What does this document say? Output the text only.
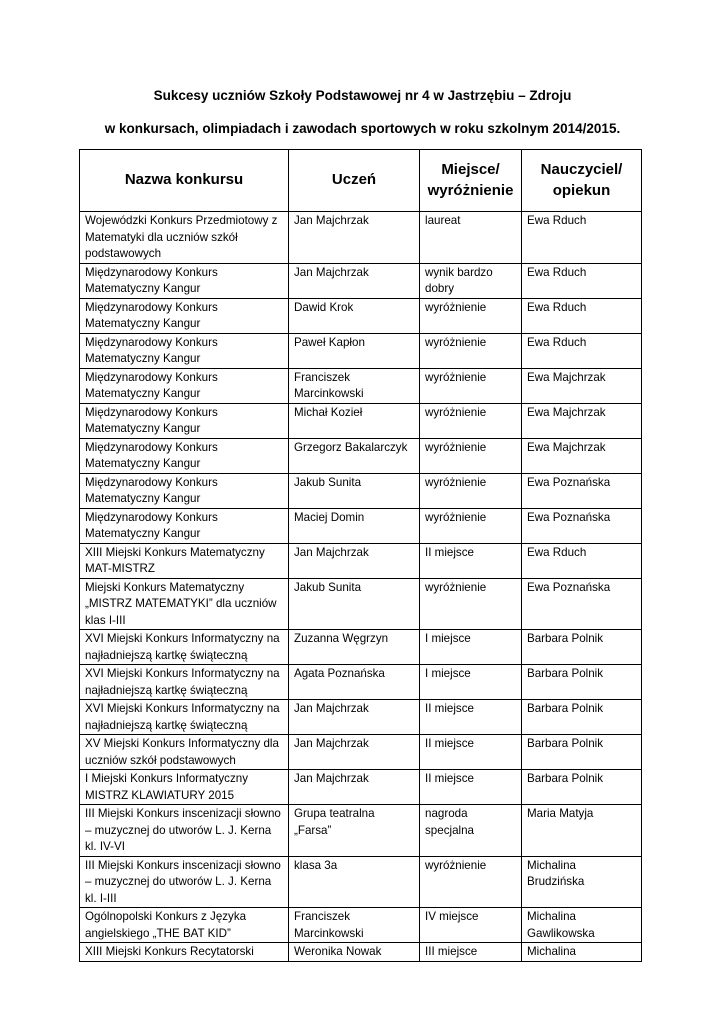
Sukcesy uczniów Szkoły Podstawowej nr 4 w Jastrzębiu – Zdroju
w konkursach, olimpiadach i zawodach sportowych w roku szkolnym 2014/2015.
Nazwa konkursu	Uczeń	Miejsce/ wyróżnienie	Nauczyciel/ opiekun
Wojewódzki Konkurs Przedmiotowy z Matematyki dla uczniów szkół podstawowych	Jan Majchrzak	laureat	Ewa Rduch
Międzynarodowy Konkurs Matematyczny Kangur	Jan Majchrzak	wynik bardzo dobry	Ewa Rduch
Międzynarodowy Konkurs Matematyczny Kangur	Dawid Krok	wyróżnienie	Ewa Rduch
Międzynarodowy Konkurs Matematyczny Kangur	Paweł Kapłon	wyróżnienie	Ewa Rduch
Międzynarodowy Konkurs Matematyczny Kangur	Franciszek Marcinkowski	wyróżnienie	Ewa Majchrzak
Międzynarodowy Konkurs Matematyczny Kangur	Michał Kozieł	wyróżnienie	Ewa Majchrzak
Międzynarodowy Konkurs Matematyczny Kangur	Grzegorz Bakalarczyk	wyróżnienie	Ewa Majchrzak
Międzynarodowy Konkurs Matematyczny Kangur	Jakub Sunita	wyróżnienie	Ewa Poznańska
Międzynarodowy Konkurs Matematyczny Kangur	Maciej Domin	wyróżnienie	Ewa Poznańska
XIII Miejski Konkurs Matematyczny MAT-MISTRZ	Jan Majchrzak	II miejsce	Ewa Rduch
Miejski Konkurs Matematyczny „MISTRZ MATEMATYKI” dla uczniów klas I-III	Jakub Sunita	wyróżnienie	Ewa Poznańska
XVI Miejski Konkurs Informatyczny na najładniejszą kartkę świąteczną	Zuzanna Węgrzyn	I miejsce	Barbara Polnik
XVI Miejski Konkurs Informatyczny na najładniejszą kartkę świąteczną	Agata Poznańska	I miejsce	Barbara Polnik
XVI Miejski Konkurs Informatyczny na najładniejszą kartkę świąteczną	Jan Majchrzak	II miejsce	Barbara Polnik
XV Miejski Konkurs Informatyczny dla uczniów szkół podstawowych	Jan Majchrzak	II miejsce	Barbara Polnik
I Miejski Konkurs Informatyczny MISTRZ KLAWIATURY 2015	Jan Majchrzak	II miejsce	Barbara Polnik
III Miejski Konkurs inscenizacji słowno – muzycznej do utworów L. J. Kerna kl. IV-VI	Grupa teatralna „Farsa”	nagroda specjalna	Maria Matyja
III Miejski Konkurs inscenizacji słowno – muzycznej do utworów L. J. Kerna kl. I-III	klasa 3a	wyróżnienie	Michalina Brudzińska
Ogólnopolski Konkurs z Języka angielskiego „THE BAT KID”	Franciszek Marcinkowski	IV miejsce	Michalina Gawlikowska
XIII Miejski Konkurs Recytatorski	Weronika Nowak	III miejsce	Michalina
